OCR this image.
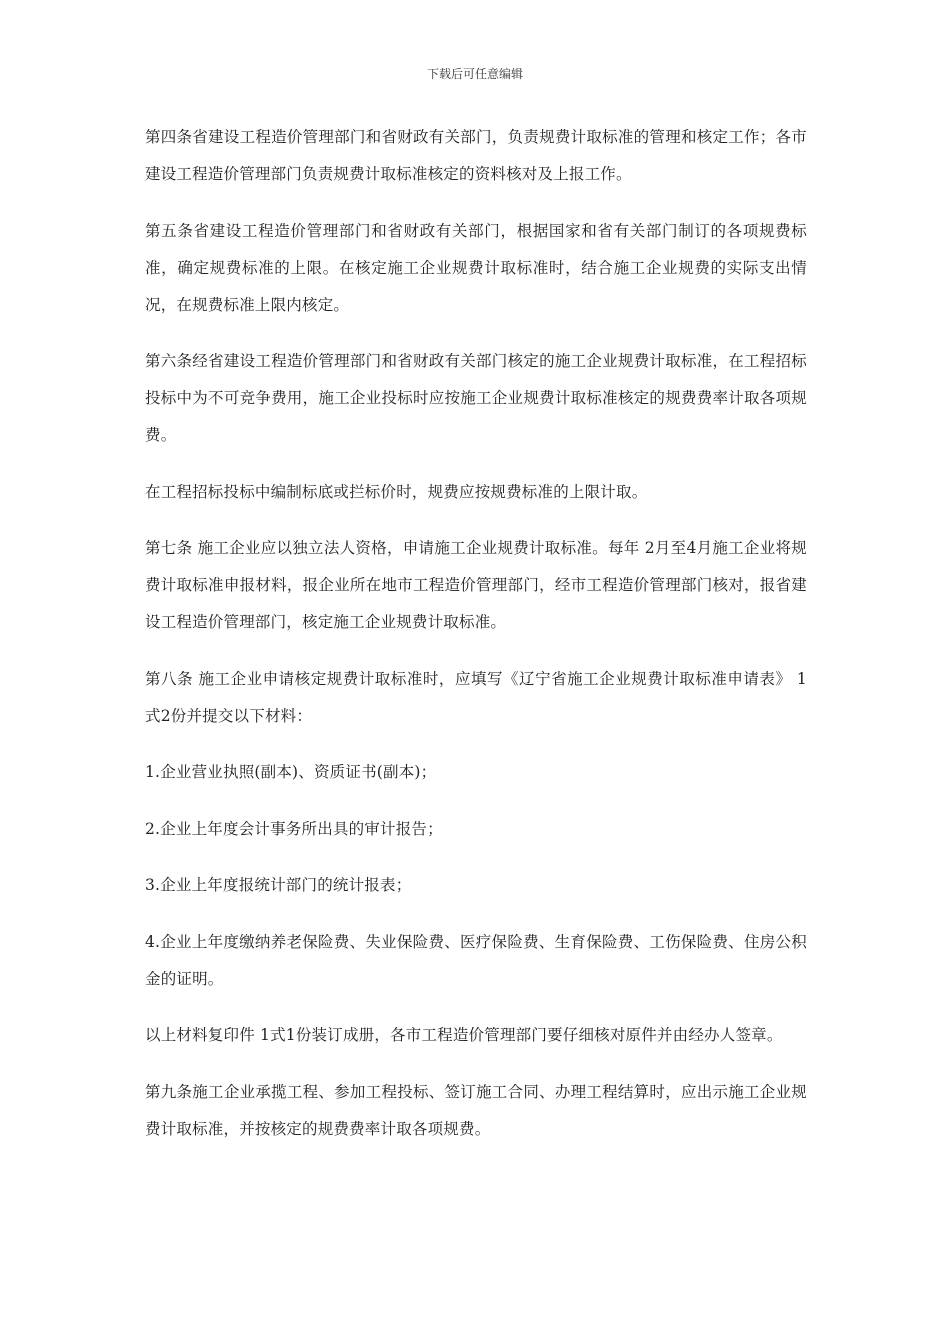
下载后可任意编辑

第四条省建设工程造价管理部门和省财政有关部门，负责规费计取标准的管理和核定工作；各市建设工程造价管理部门负责规费计取标准核定的资料核对及上报工作。

第五条省建设工程造价管理部门和省财政有关部门，根据国家和省有关部门制订的各项规费标准，确定规费标准的上限。在核定施工企业规费计取标准时，结合施工企业规费的实际支出情况，在规费标准上限内核定。

第六条经省建设工程造价管理部门和省财政有关部门核定的施工企业规费计取标准，在工程招标投标中为不可竞争费用，施工企业投标时应按施工企业规费计取标准核定的规费费率计取各项规费。

在工程招标投标中编制标底或拦标价时，规费应按规费标准的上限计取。

第七条 施工企业应以独立法人资格，申请施工企业规费计取标准。每年 2月至4月施工企业将规费计取标准申报材料，报企业所在地市工程造价管理部门，经市工程造价管理部门核对，报省建设工程造价管理部门，核定施工企业规费计取标准。

第八条 施工企业申请核定规费计取标准时，应填写《辽宁省施工企业规费计取标准申请表》 1式2份并提交以下材料：

1.企业营业执照(副本)、资质证书(副本)；

2.企业上年度会计事务所出具的审计报告；

3.企业上年度报统计部门的统计报表；

4.企业上年度缴纳养老保险费、失业保险费、医疗保险费、生育保险费、工伤保险费、住房公积金的证明。

以上材料复印件 1式1份装订成册，各市工程造价管理部门要仔细核对原件并由经办人签章。

第九条施工企业承揽工程、参加工程投标、签订施工合同、办理工程结算时，应出示施工企业规费计取标准，并按核定的规费费率计取各项规费。
